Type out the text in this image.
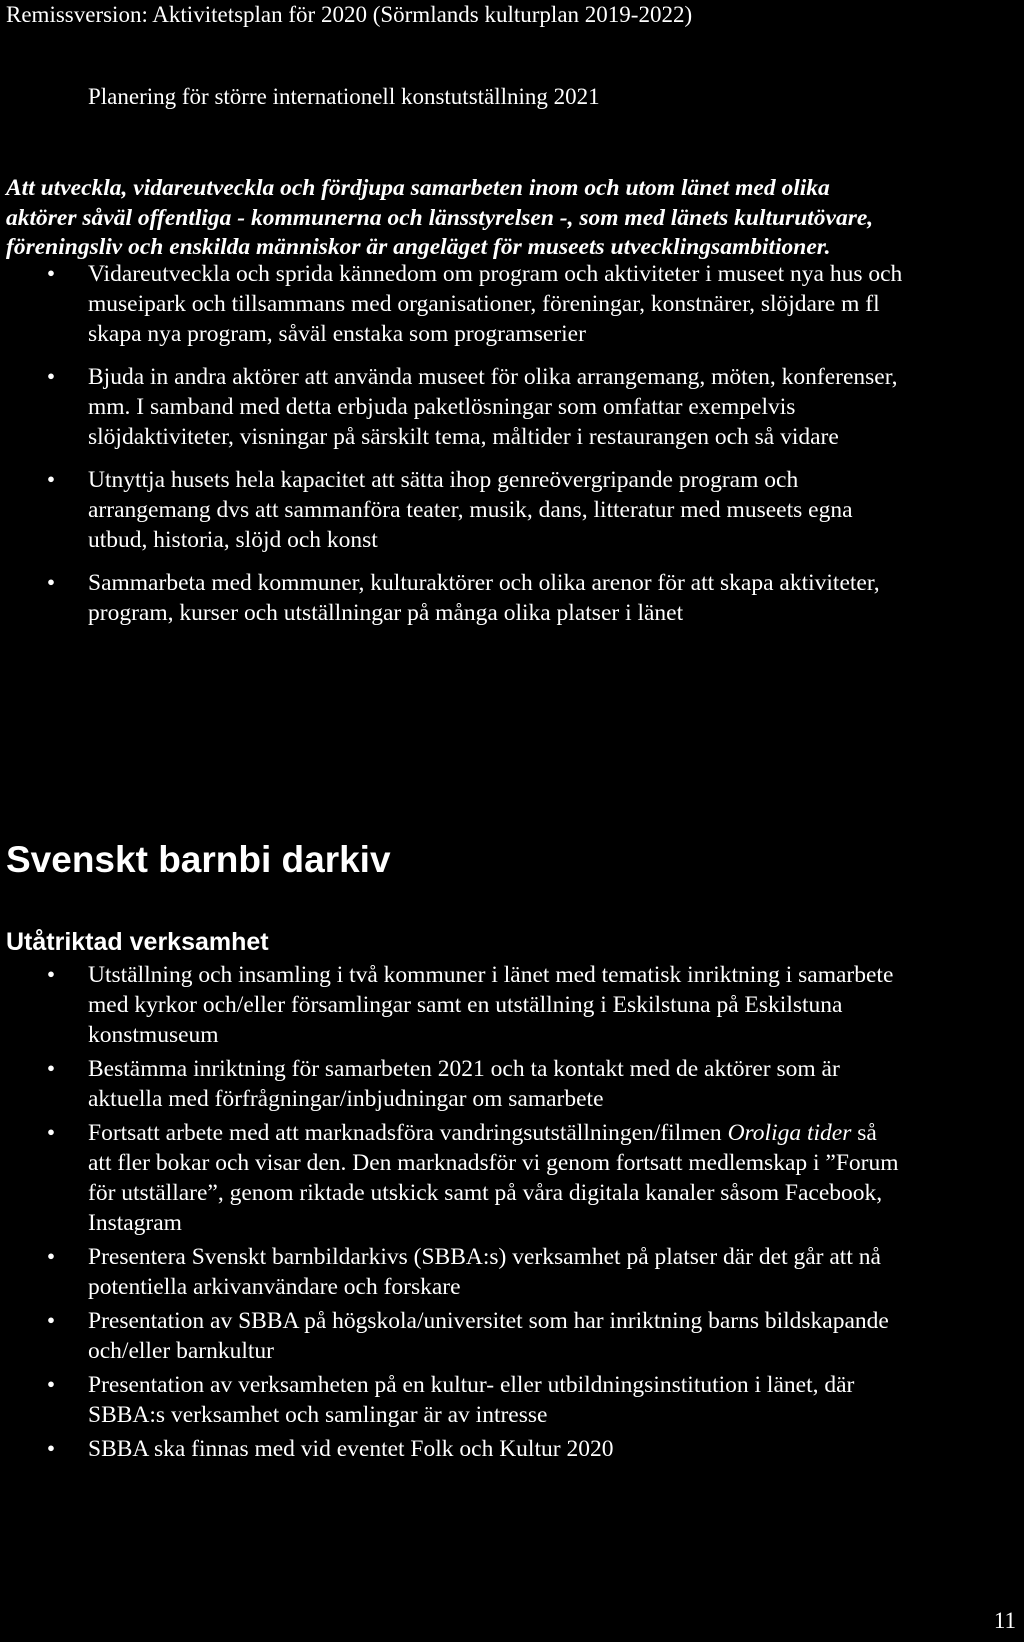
Remissversion: Aktivitetsplan för 2020 (Sörmlands kulturplan 2019-2022)
Planering för större internationell konstutställning 2021
Att utveckla, vidareutveckla och fördjupa samarbeten inom och utom länet med olika
aktörer såväl offentliga - kommunerna och länsstyrelsen -, som med länets kulturutövare,
föreningsliv och enskilda människor är angeläget för museets utvecklingsambitioner.
• Vidareutveckla och sprida kännedom om program och aktiviteter i museet nya hus och
museipark och tillsammans med organisationer, föreningar, konstnärer, slöjdare m fl
skapa nya program, såväl enstaka som programserier
• Bjuda in andra aktörer att använda museet för olika arrangemang, möten, konferenser,
mm. I samband med detta erbjuda paketlösningar som omfattar exempelvis
slöjdaktiviteter, visningar på särskilt tema, måltider i restaurangen och så vidare
• Utnyttja husets hela kapacitet att sätta ihop genreövergripande program och
arrangemang dvs att sammanföra teater, musik, dans, litteratur med museets egna
utbud, historia, slöjd och konst
• Sammarbeta med kommuner, kulturaktörer och olika arenor för att skapa aktiviteter,
program, kurser och utställningar på många olika platser i länet
Svenskt barnbi darkiv
Utåtriktad verksamhet
• Utställning och insamling i två kommuner i länet med tematisk inriktning i samarbete
med kyrkor och/eller församlingar samt en utställning i Eskilstuna på Eskilstuna
konstmuseum
• Bestämma inriktning för samarbeten 2021 och ta kontakt med de aktörer som är
aktuella med förfrågningar/inbjudningar om samarbete
• Fortsatt arbete med att marknadsföra vandringsutställningen/filmen Oroliga tider så
att fler bokar och visar den. Den marknadsför vi genom fortsatt medlemskap i ”Forum
för utställare”, genom riktade utskick samt på våra digitala kanaler såsom Facebook,
Instagram
• Presentera Svenskt barnbildarkivs (SBBA:s) verksamhet på platser där det går att nå
potentiella arkivanvändare och forskare
• Presentation av SBBA på högskola/universitet som har inriktning barns bildskapande
och/eller barnkultur
• Presentation av verksamheten på en kultur- eller utbildningsinstitution i länet, där
SBBA:s verksamhet och samlingar är av intresse
• SBBA ska finnas med vid eventet Folk och Kultur 2020
11
